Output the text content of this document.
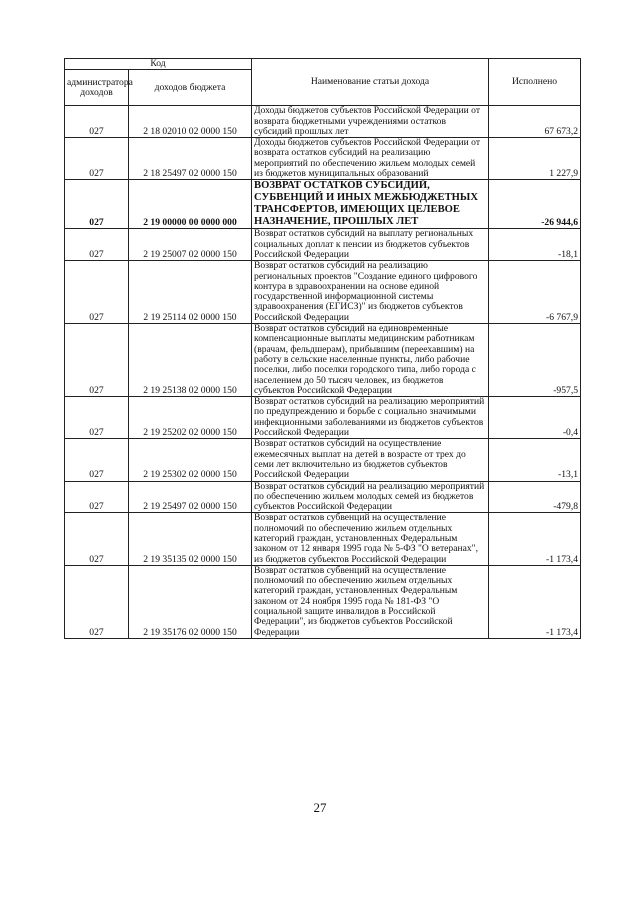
Код		Наименование статьи дохода	Исполнено
администратора доходов	доходов бюджета		
027	2 18 02010 02 0000 150	Доходы бюджетов субъектов Российской Федерации от возврата бюджетными учреждениями остатков субсидий прошлых лет	67 673,2
027	2 18 25497 02 0000 150	Доходы бюджетов субъектов Российской Федерации от возврата остатков субсидий на реализацию мероприятий по обеспечению жильем молодых семей из бюджетов муниципальных образований	1 227,9
027	2 19 00000 00 0000 000	ВОЗВРАТ ОСТАТКОВ СУБСИДИЙ, СУБВЕНЦИЙ И ИНЫХ МЕЖБЮДЖЕТНЫХ ТРАНСФЕРТОВ, ИМЕЮЩИХ ЦЕЛЕВОЕ НАЗНАЧЕНИЕ, ПРОШЛЫХ ЛЕТ	-26 944,6
027	2 19 25007 02 0000 150	Возврат остатков субсидий на выплату региональных социальных доплат к пенсии из бюджетов субъектов Российской Федерации	-18,1
027	2 19 25114 02 0000 150	Возврат остатков субсидий на реализацию региональных проектов "Создание единого цифрового контура в здравоохранении на основе единой государственной информационной системы здравоохранения (ЕГИСЗ)" из бюджетов субъектов Российской Федерации	-6 767,9
027	2 19 25138 02 0000 150	Возврат остатков субсидий на единовременные компенсационные выплаты медицинским работникам (врачам, фельдшерам), прибывшим (переехавшим) на работу в сельские населенные пункты, либо рабочие поселки, либо поселки городского типа, либо города с населением до 50 тысяч человек, из бюджетов субъектов Российской Федерации	-957,5
027	2 19 25202 02 0000 150	Возврат остатков субсидий на реализацию мероприятий по предупреждению и борьбе с социально значимыми инфекционными заболеваниями из бюджетов субъектов Российской Федерации	-0,4
027	2 19 25302 02 0000 150	Возврат остатков субсидий на осуществление ежемесячных выплат на детей в возрасте от трех до семи лет включительно из бюджетов субъектов Российской Федерации	-13,1
027	2 19 25497 02 0000 150	Возврат остатков субсидий на реализацию мероприятий по обеспечению жильем молодых семей из бюджетов субъектов Российской Федерации	-479,8
027	2 19 35135 02 0000 150	Возврат остатков субвенций на осуществление полномочий по обеспечению жильем отдельных категорий граждан, установленных Федеральным законом от 12 января 1995 года № 5-ФЗ "О ветеранах", из бюджетов субъектов Российской Федерации	-1 173,4
027	2 19 35176 02 0000 150	Возврат остатков субвенций на осуществление полномочий по обеспечению жильем отдельных категорий граждан, установленных Федеральным законом от 24 ноября 1995 года № 181-ФЗ "О социальной защите инвалидов в Российской Федерации", из бюджетов субъектов Российской Федерации	-1 173,4
27
